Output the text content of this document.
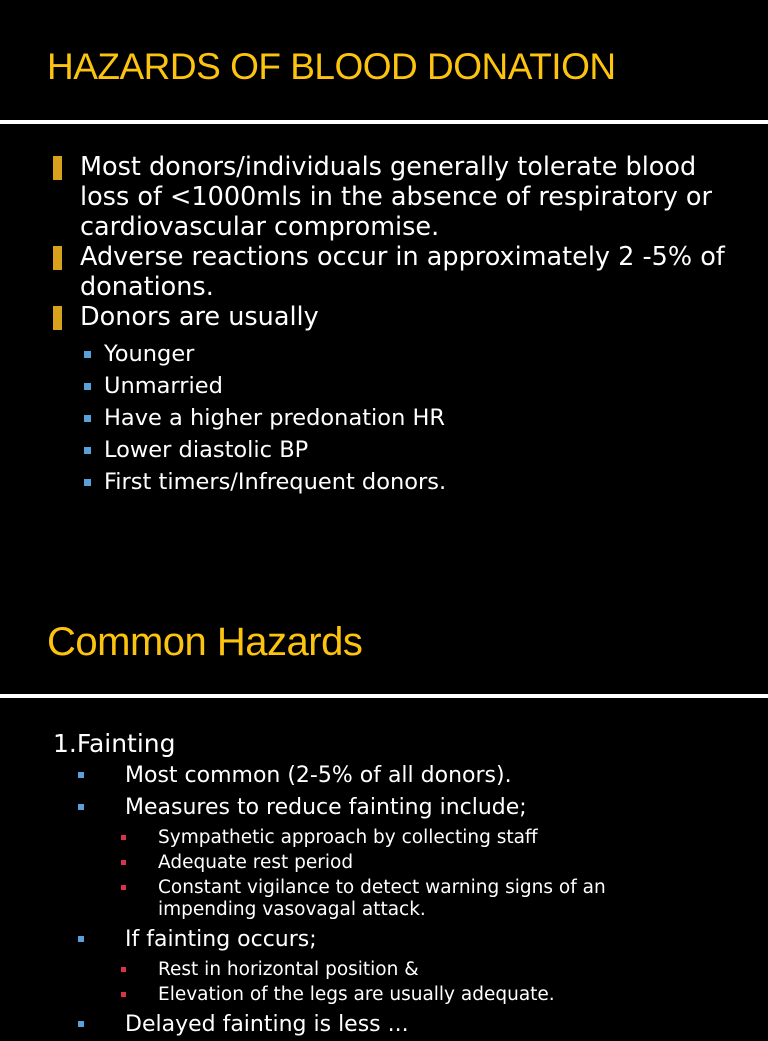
HAZARDS OF BLOOD DONATION
Most donors/individuals generally tolerate blood loss of <1000mls in the absence of respiratory or cardiovascular compromise.
Adverse reactions occur in approximately 2 -5% of donations.
Donors are usually
Younger
Unmarried
Have a higher predonation HR
Lower diastolic BP
First timers/Infrequent donors.
Common Hazards
1.Fainting
Most common (2-5% of all donors).
Measures to reduce fainting include;
Sympathetic approach by collecting staff
Adequate rest period
Constant vigilance to detect warning signs of an impending vasovagal attack.
If fainting occurs;
Rest in horizontal position &
Elevation of the legs are usually adequate.
Delayed fainting is less ...
